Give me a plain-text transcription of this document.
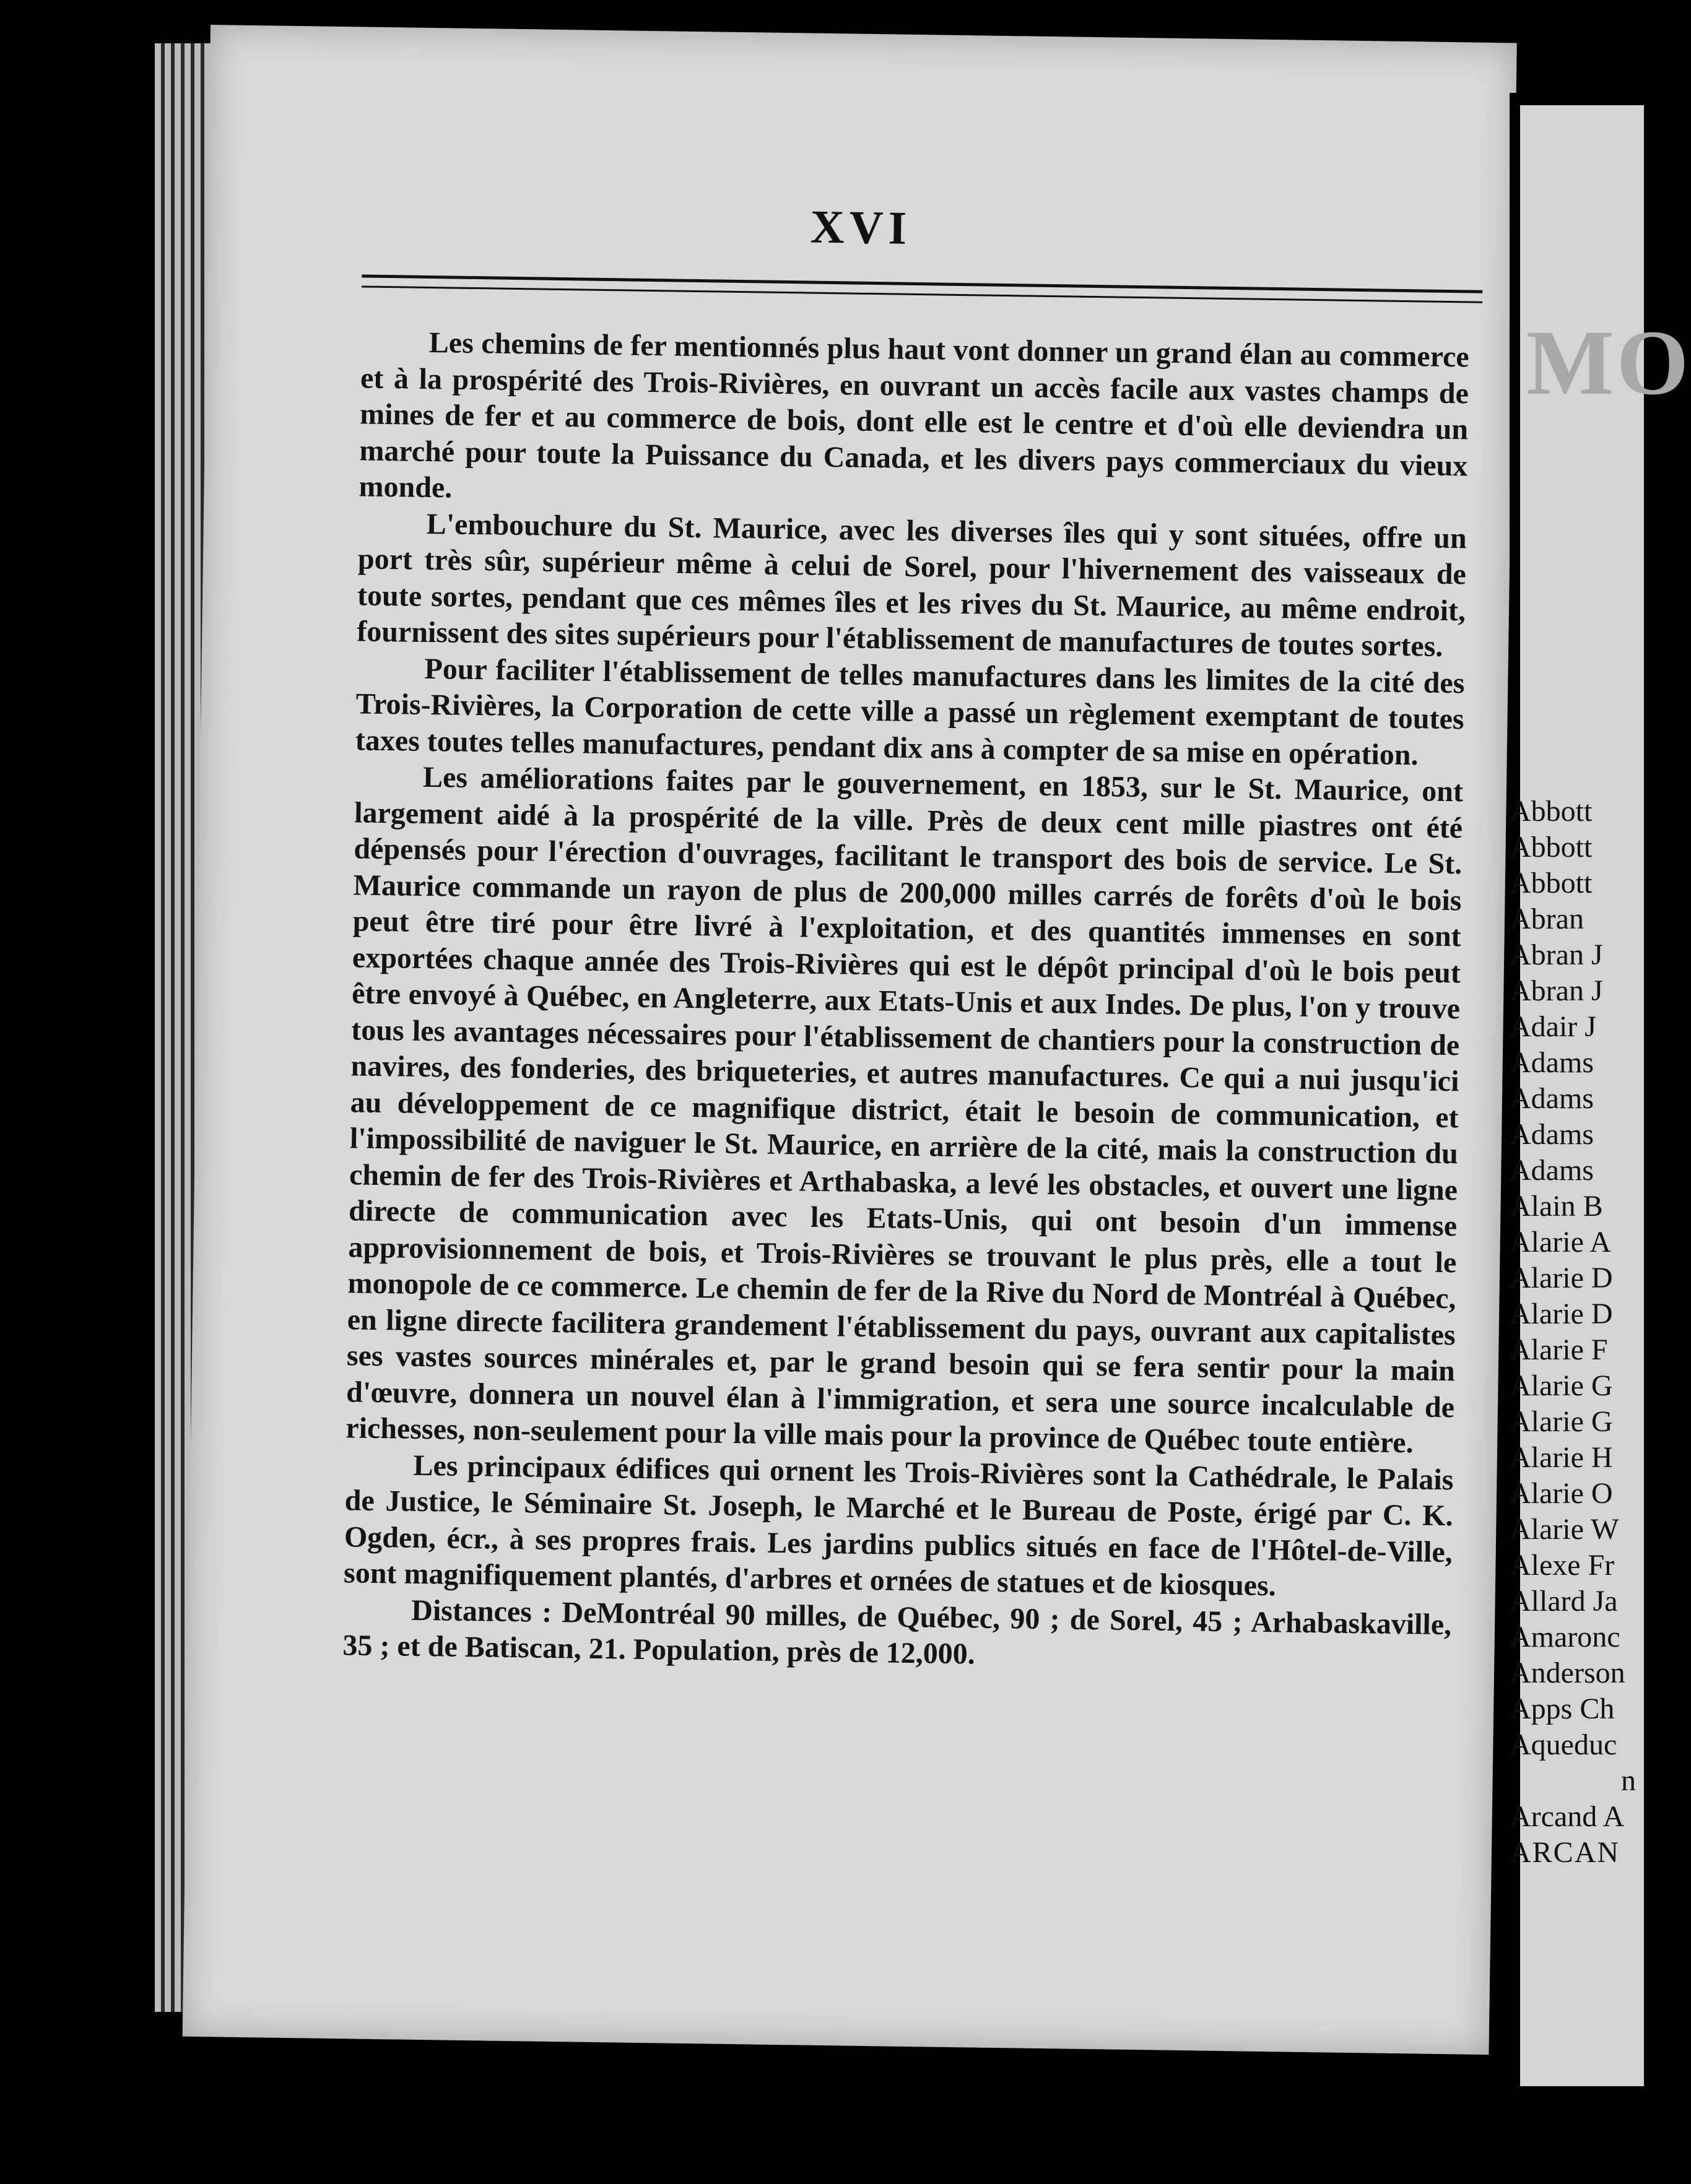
XVI

Les chemins de fer mentionnés plus haut vont donner un grand élan au commerce et à la prospérité des Trois-Rivières, en ouvrant un accès facile aux vastes champs de mines de fer et au commerce de bois, dont elle est le centre et d'où elle deviendra un marché pour toute la Puissance du Canada, et les divers pays commerciaux du vieux monde.

L'embouchure du St. Maurice, avec les diverses îles qui y sont situées, offre un port très sûr, supérieur même à celui de Sorel, pour l'hivernement des vaisseaux de toute sortes, pendant que ces mêmes îles et les rives du St. Maurice, au même endroit, fournissent des sites supérieurs pour l'établissement de manufactures de toutes sortes.

Pour faciliter l'établissement de telles manufactures dans les limites de la cité des Trois-Rivières, la Corporation de cette ville a passé un règlement exemptant de toutes taxes toutes telles manufactures, pendant dix ans à compter de sa mise en opération.

Les améliorations faites par le gouvernement, en 1853, sur le St. Maurice, ont largement aidé à la prospérité de la ville. Près de deux cent mille piastres ont été dépensés pour l'érection d'ouvrages, facilitant le transport des bois de service. Le St. Maurice commande un rayon de plus de 200,000 milles carrés de forêts d'où le bois peut être tiré pour être livré à l'exploitation, et des quantités immenses en sont exportées chaque année des Trois-Rivières qui est le dépôt principal d'où le bois peut être envoyé à Québec, en Angleterre, aux Etats-Unis et aux Indes. De plus, l'on y trouve tous les avantages nécessaires pour l'établissement de chantiers pour la construction de navires, des fonderies, des briqueteries, et autres manufactures. Ce qui a nui jusqu'ici au développement de ce magnifique district, était le besoin de communication, et l'impossibilité de naviguer le St. Maurice, en arrière de la cité, mais la construction du chemin de fer des Trois-Rivières et Arthabaska, a levé les obstacles, et ouvert une ligne directe de communication avec les Etats-Unis, qui ont besoin d'un immense approvisionnement de bois, et Trois-Rivières se trouvant le plus près, elle a tout le monopole de ce commerce. Le chemin de fer de la Rive du Nord de Montréal à Québec, en ligne directe facilitera grandement l'établissement du pays, ouvrant aux capitalistes ses vastes sources minérales et, par le grand besoin qui se fera sentir pour la main d'œuvre, donnera un nouvel élan à l'immigration, et sera une source incalculable de richesses, non-seulement pour la ville mais pour la province de Québec toute entière.

Les principaux édifices qui ornent les Trois-Rivières sont la Cathédrale, le Palais de Justice, le Séminaire St. Joseph, le Marché et le Bureau de Poste, érigé par C. K. Ogden, écr., à ses propres frais. Les jardins publics situés en face de l'Hôtel-de-Ville, sont magnifiquement plantés, d'arbres et ornées de statues et de kiosques.

Distances : DeMontréal 90 milles, de Québec, 90 ; de Sorel, 45 ; Arhabaskaville, 35 ; et de Batiscan, 21. Population, près de 12,000.

MO
Abbott
Abbott
Abbott
Abran
Abran J
Abran J
Adair J
Adams
Adams
Adams
Adams
Alain B
Alarie A
Alarie D
Alarie D
Alarie F
Alarie G
Alarie G
Alarie H
Alarie O
Alarie W
Alexe Fr
Allard Ja
Amaronc
Anderson
Apps Ch
Aqueduc
n
Arcand A
ARCAN
